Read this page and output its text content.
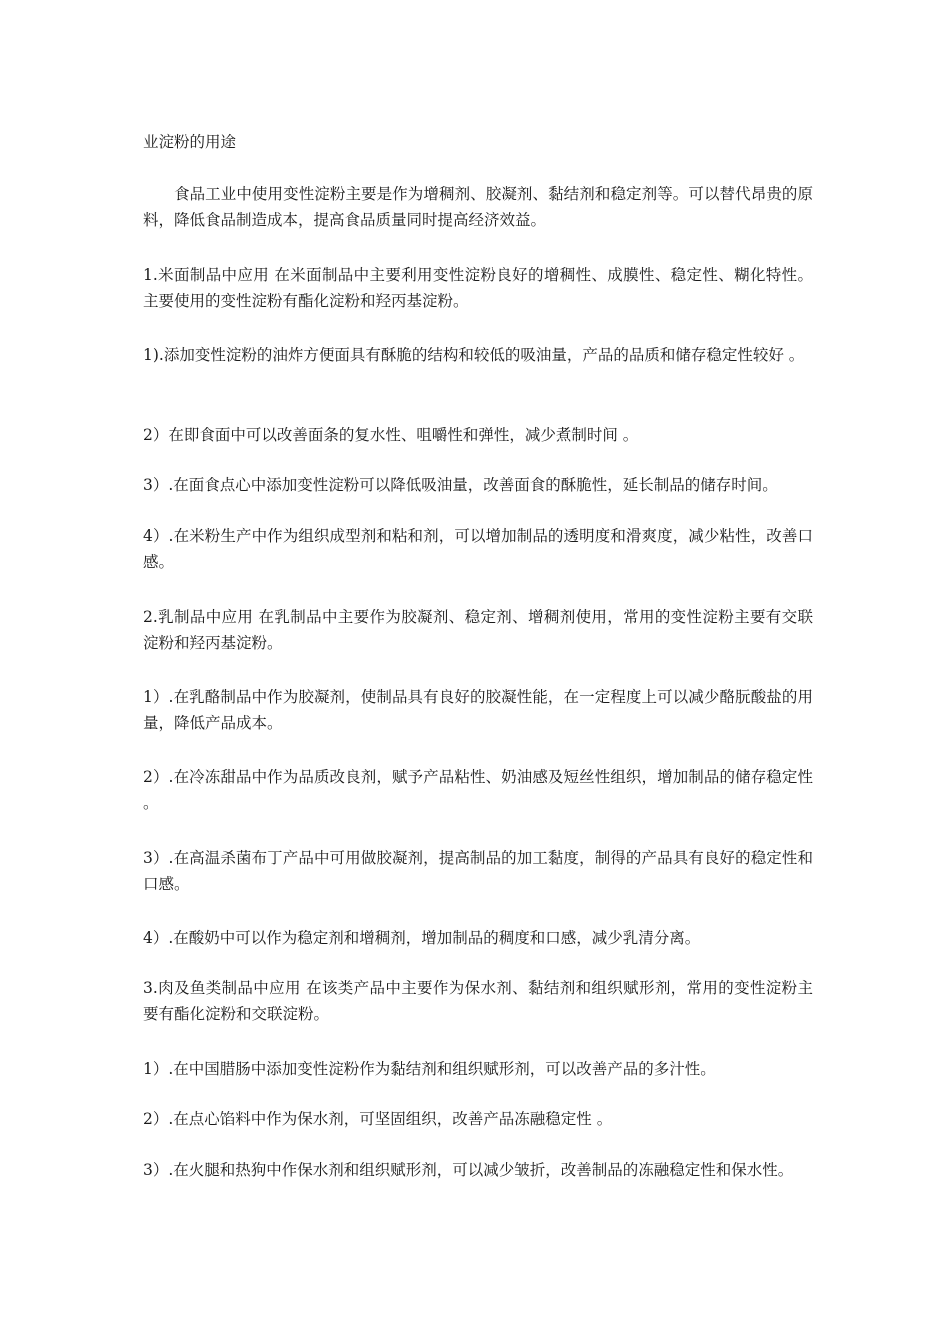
业淀粉的用途

食品工业中使用变性淀粉主要是作为增稠剂、胶凝剂、黏结剂和稳定剂等。可以替代昂贵的原料，降低食品制造成本，提高食品质量同时提高经济效益。

1.米面制品中应用 在米面制品中主要利用变性淀粉良好的增稠性、成膜性、稳定性、糊化特性。主要使用的变性淀粉有酯化淀粉和羟丙基淀粉。

1).添加变性淀粉的油炸方便面具有酥脆的结构和较低的吸油量，产品的品质和储存稳定性较好 。

2）在即食面中可以改善面条的复水性、咀嚼性和弹性，减少煮制时间 。

3）.在面食点心中添加变性淀粉可以降低吸油量，改善面食的酥脆性，延长制品的储存时间。

4）.在米粉生产中作为组织成型剂和粘和剂，可以增加制品的透明度和滑爽度，减少粘性，改善口感。

2.乳制品中应用 在乳制品中主要作为胶凝剂、稳定剂、增稠剂使用，常用的变性淀粉主要有交联淀粉和羟丙基淀粉。

1）.在乳酪制品中作为胶凝剂，使制品具有良好的胶凝性能，在一定程度上可以减少酪朊酸盐的用量，降低产品成本。

2）.在冷冻甜品中作为品质改良剂，赋予产品粘性、奶油感及短丝性组织，增加制品的储存稳定性 。

3）.在高温杀菌布丁产品中可用做胶凝剂，提高制品的加工黏度，制得的产品具有良好的稳定性和口感。

4）.在酸奶中可以作为稳定剂和增稠剂，增加制品的稠度和口感，减少乳清分离。

3.肉及鱼类制品中应用 在该类产品中主要作为保水剂、黏结剂和组织赋形剂，常用的变性淀粉主要有酯化淀粉和交联淀粉。

1）.在中国腊肠中添加变性淀粉作为黏结剂和组织赋形剂，可以改善产品的多汁性。

2）.在点心馅料中作为保水剂，可坚固组织，改善产品冻融稳定性 。

3）.在火腿和热狗中作保水剂和组织赋形剂，可以减少皱折，改善制品的冻融稳定性和保水性。
